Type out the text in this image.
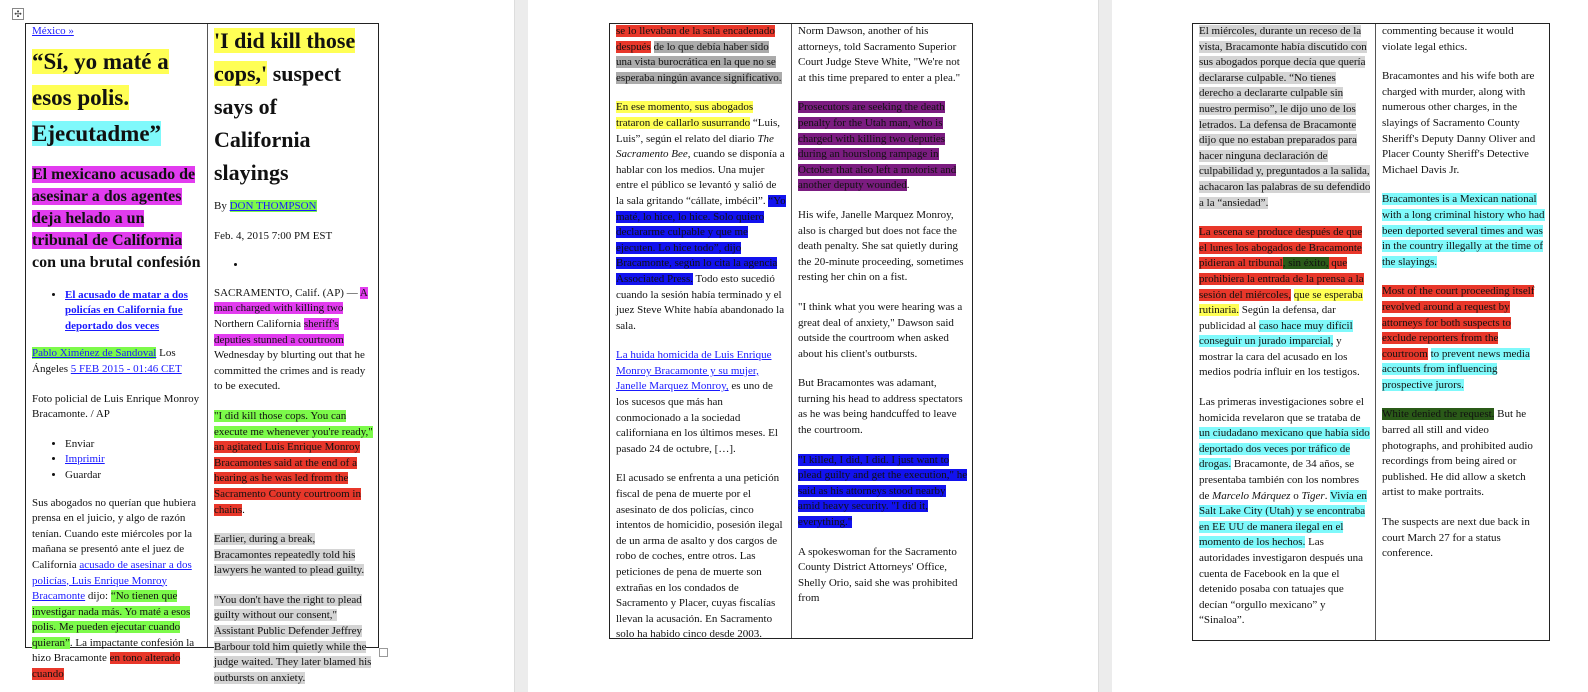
✣

México »

“Sí, yo maté a esos polis. Ejecutadme”
El mexicano acusado de asesinar a dos agentes deja helado a un tribunal de California con una brutal confesión
• El acusado de matar a dos policías en California fue deportado dos veces

Pablo Ximénez de Sandoval Los Ángeles 5 FEB 2015 - 01:46 CET

Foto policial de Luis Enrique Monroy Bracamonte. / AP

• Enviar
• Imprimir
• Guardar

Sus abogados no querían que hubiera prensa en el juicio, y algo de razón tenían. Cuando este miércoles por la mañana se presentó ante el juez de California acusado de asesinar a dos policías, Luis Enrique Monroy Bracamonte dijo: “No tienen que investigar nada más. Yo maté a esos polis. Me pueden ejecutar cuando quieran”. La impactante confesión la hizo Bracamonte en tono alterado cuando

'I did kill those cops,' suspect says of California slayings

By DON THOMPSON

Feb. 4, 2015 7:00 PM EST

•

SACRAMENTO, Calif. (AP) — A man charged with killing two Northern California sheriff's deputies stunned a courtroom Wednesday by blurting out that he committed the crimes and is ready to be executed.

"I did kill those cops. You can execute me whenever you're ready," an agitated Luis Enrique Monroy Bracamontes said at the end of a hearing as he was led from the Sacramento County courtroom in chains.

Earlier, during a break, Bracamontes repeatedly told his lawyers he wanted to plead guilty.

"You don't have the right to plead guilty without our consent," Assistant Public Defender Jeffrey Barbour told him quietly while the judge waited. They later blamed his outbursts on anxiety.

se lo llevaban de la sala encadenado después de lo que debía haber sido una vista burocrática en la que no se esperaba ningún avance significativo.

En ese momento, sus abogados trataron de callarlo susurrando “Luis, Luis”, según el relato del diario The Sacramento Bee, cuando se disponía a hablar con los medios. Una mujer entre el público se levantó y salió de la sala gritando “cállate, imbécil”. “Yo maté, lo hice, lo hice. Solo quiero declararme culpable y que me ejecuten. Lo hice todo”, dijo Bracamonte, según lo cita la agencia Associated Press. Todo esto sucedió cuando la sesión había terminado y el juez Steve White había abandonado la sala.

La huida homicida de Luis Enrique Monroy Bracamonte y su mujer, Janelle Marquez Monroy, es uno de los sucesos que más han conmocionado a la sociedad californiana en los últimos meses. El pasado 24 de octubre, […].

El acusado se enfrenta a una petición fiscal de pena de muerte por el asesinato de dos policías, cinco intentos de homicidio, posesión ilegal de un arma de asalto y dos cargos de robo de coches, entre otros. Las peticiones de pena de muerte son extrañas en los condados de Sacramento y Placer, cuyas fiscalías llevan la acusación. En Sacramento solo ha habido cinco desde 2003.

Norm Dawson, another of his attorneys, told Sacramento Superior Court Judge Steve White, "We're not at this time prepared to enter a plea."

Prosecutors are seeking the death penalty for the Utah man, who is charged with killing two deputies during an hourslong rampage in October that also left a motorist and another deputy wounded.

His wife, Janelle Marquez Monroy, also is charged but does not face the death penalty. She sat quietly during the 20-minute proceeding, sometimes resting her chin on a fist.

"I think what you were hearing was a great deal of anxiety," Dawson said outside the courtroom when asked about his client's outbursts.

But Bracamontes was adamant, turning his head to address spectators as he was being handcuffed to leave the courtroom.

"I killed, I did, I did. I just want to plead guilty and get the execution," he said as his attorneys stood nearby amid heavy security. "I did it, everything."

A spokeswoman for the Sacramento County District Attorneys' Office, Shelly Orio, said she was prohibited from

El miércoles, durante un receso de la vista, Bracamonte había discutido con sus abogados porque decía que quería declararse culpable. “No tienes derecho a declararte culpable sin nuestro permiso”, le dijo uno de los letrados. La defensa de Bracamonte dijo que no estaban preparados para hacer ninguna declaración de culpabilidad y, preguntados a la salida, achacaron las palabras de su defendido a la “ansiedad”.

La escena se produce después de que el lunes los abogados de Bracamonte pidieran al tribunal, sin éxito, que prohibiera la entrada de la prensa a la sesión del miércoles, que se esperaba rutinaria. Según la defensa, dar publicidad al caso hace muy difícil conseguir un jurado imparcial, y mostrar la cara del acusado en los medios podría influir en los testigos.

Las primeras investigaciones sobre el homicida revelaron que se trataba de un ciudadano mexicano que había sido deportado dos veces por tráfico de drogas. Bracamonte, de 34 años, se presentaba también con los nombres de Marcelo Márquez o Tiger. Vivía en Salt Lake City (Utah) y se encontraba en EE UU de manera ilegal en el momento de los hechos. Las autoridades investigaron después una cuenta de Facebook en la que el detenido posaba con tatuajes que decían “orgullo mexicano” y “Sinaloa”.

commenting because it would violate legal ethics.

Bracamontes and his wife both are charged with murder, along with numerous other charges, in the slayings of Sacramento County Sheriff's Deputy Danny Oliver and Placer County Sheriff's Detective Michael Davis Jr.

Bracamontes is a Mexican national with a long criminal history who had been deported several times and was in the country illegally at the time of the slayings.

Most of the court proceeding itself revolved around a request by attorneys for both suspects to exclude reporters from the courtroom to prevent news media accounts from influencing prospective jurors.

White denied the request. But he barred all still and video photographs, and prohibited audio recordings from being aired or published. He did allow a sketch artist to make portraits.

The suspects are next due back in court March 27 for a status conference.
